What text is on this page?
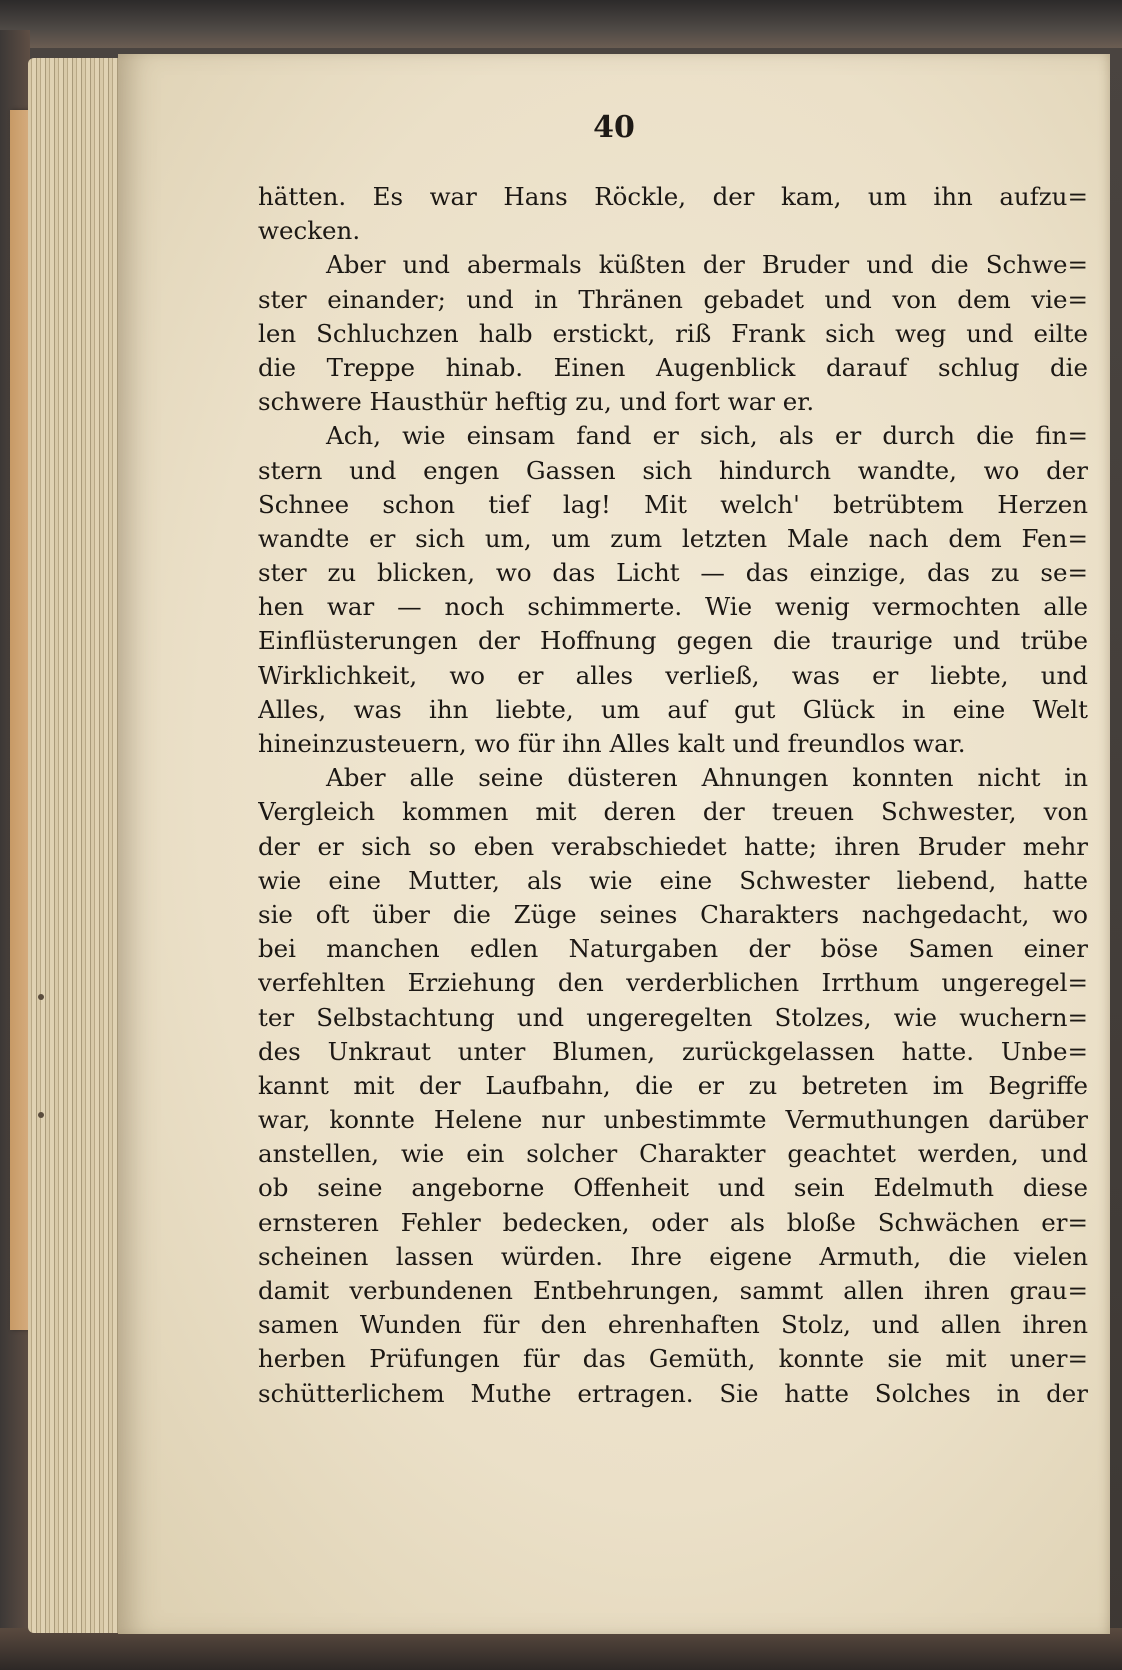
40

hätten. Es war Hans Röckle, der kam, um ihn aufzu=

wecken.

Aber und abermals küßten der Bruder und die Schwe=

ster einander; und in Thränen gebadet und von dem vie=

len Schluchzen halb erstickt, riß Frank sich weg und eilte

die Treppe hinab. Einen Augenblick darauf schlug die

schwere Hausthür heftig zu, und fort war er.

Ach, wie einsam fand er sich, als er durch die fin=

stern und engen Gassen sich hindurch wandte, wo der

Schnee schon tief lag! Mit welch' betrübtem Herzen

wandte er sich um, um zum letzten Male nach dem Fen=

ster zu blicken, wo das Licht — das einzige, das zu se=

hen war — noch schimmerte. Wie wenig vermochten alle

Einflüsterungen der Hoffnung gegen die traurige und trübe

Wirklichkeit, wo er alles verließ, was er liebte, und

Alles, was ihn liebte, um auf gut Glück in eine Welt

hineinzusteuern, wo für ihn Alles kalt und freundlos war.

Aber alle seine düsteren Ahnungen konnten nicht in

Vergleich kommen mit deren der treuen Schwester, von

der er sich so eben verabschiedet hatte; ihren Bruder mehr

wie eine Mutter, als wie eine Schwester liebend, hatte

sie oft über die Züge seines Charakters nachgedacht, wo

bei manchen edlen Naturgaben der böse Samen einer

verfehlten Erziehung den verderblichen Irrthum ungeregel=

ter Selbstachtung und ungeregelten Stolzes, wie wuchern=

des Unkraut unter Blumen, zurückgelassen hatte. Unbe=

kannt mit der Laufbahn, die er zu betreten im Begriffe

war, konnte Helene nur unbestimmte Vermuthungen darüber

anstellen, wie ein solcher Charakter geachtet werden, und

ob seine angeborne Offenheit und sein Edelmuth diese

ernsteren Fehler bedecken, oder als bloße Schwächen er=

scheinen lassen würden. Ihre eigene Armuth, die vielen

damit verbundenen Entbehrungen, sammt allen ihren grau=

samen Wunden für den ehrenhaften Stolz, und allen ihren

herben Prüfungen für das Gemüth, konnte sie mit uner=

schütterlichem Muthe ertragen. Sie hatte Solches in der
